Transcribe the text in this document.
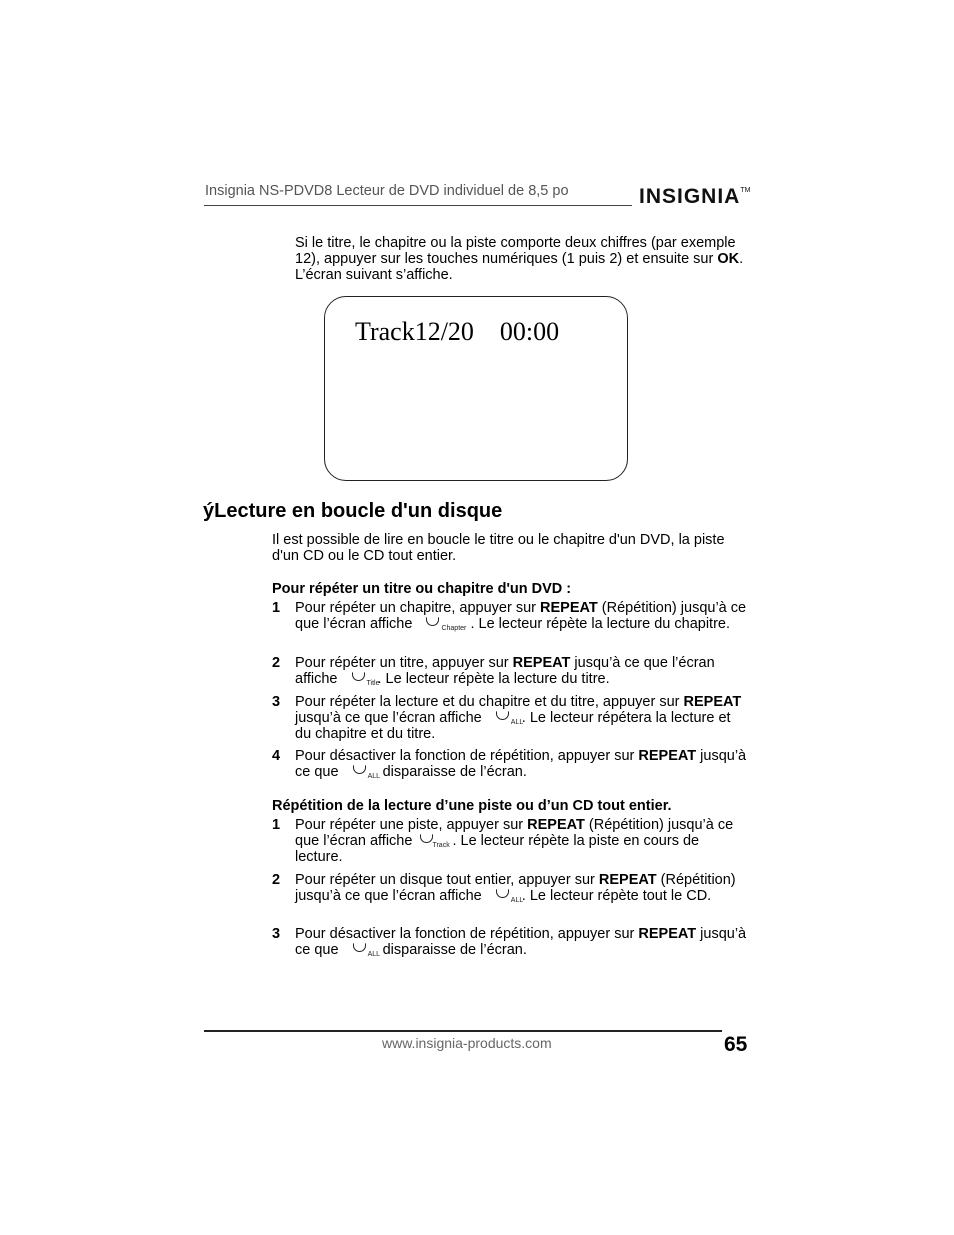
Insignia NS-PDVD8 Lecteur de DVD individuel de 8,5 po	INSIGNIA™
Si le titre, le chapitre ou la piste comporte deux chiffres (par exemple 12), appuyer sur les touches numériques (1 puis 2) et ensuite sur OK. L’écran suivant s’affiche.
Track12/20    00:00
ýLecture en boucle d'un disque
Il est possible de lire en boucle le titre ou le chapitre d'un DVD, la piste d'un CD ou le CD tout entier.
Pour répéter un titre ou chapitre d'un DVD :
1 Pour répéter un chapitre, appuyer sur REPEAT (Répétition) jusqu’à ce que l’écran affiche	Chapter . Le lecteur répète la lecture du chapitre.
2 Pour répéter un titre, appuyer sur REPEAT jusqu’à ce que l’écran affiche	Title
. Le lecteur répète la lecture du titre.
3 Pour répéter la lecture et du chapitre et du titre, appuyer sur REPEAT jusqu’à ce que l’écran affiche	ALL
. Le lecteur répétera la lecture et du chapitre et du titre.
4 Pour désactiver la fonction de répétition, appuyer sur REPEAT jusqu’à ce que	ALL
disparaisse de l’écran.
Répétition de la lecture d’une piste ou d’un CD tout entier.
1 Pour répéter une piste, appuyer sur REPEAT (Répétition) jusqu’à ce que l’écran affiche Track . Le lecteur répète la piste en cours de lecture.
2 Pour répéter un disque tout entier, appuyer sur REPEAT (Répétition) jusqu’à ce que l’écran affiche	ALL
. Le lecteur répète tout le CD.
3 Pour désactiver la fonction de répétition, appuyer sur REPEAT jusqu’à ce que	ALL
disparaisse de l’écran.
www.insignia-products.com	65
